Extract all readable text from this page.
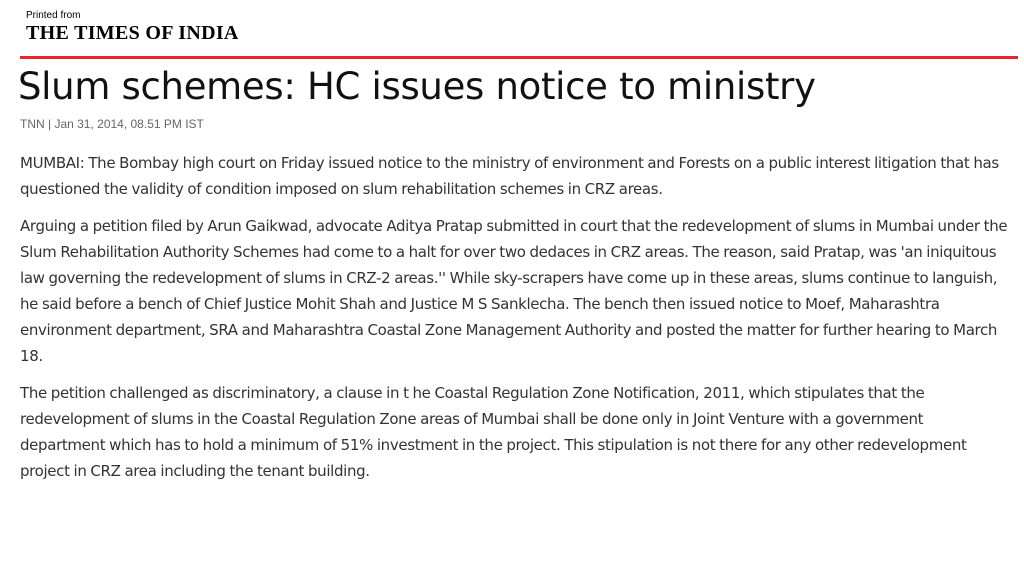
Printed from
THE TIMES OF INDIA
Slum schemes: HC issues notice to ministry
TNN | Jan 31, 2014, 08.51 PM IST

MUMBAI: The Bombay high court on Friday issued notice to the ministry of environment and Forests on a public interest litigation that has questioned the validity of condition imposed on slum rehabilitation schemes in CRZ areas.

Arguing a petition filed by Arun Gaikwad, advocate Aditya Pratap submitted in court that the redevelopment of slums in Mumbai under the Slum Rehabilitation Authority Schemes had come to a halt for over two dedaces in CRZ areas. The reason, said Pratap, was 'an iniquitous law governing the redevelopment of slums in CRZ-2 areas.'' While sky-scrapers have come up in these areas, slums continue to languish, he said before a bench of Chief Justice Mohit Shah and Justice M S Sanklecha. The bench then issued notice to Moef, Maharashtra environment department, SRA and Maharashtra Coastal Zone Management Authority and posted the matter for further hearing to March 18.

The petition challenged as discriminatory, a clause in t he Coastal Regulation Zone Notification, 2011, which stipulates that the redevelopment of slums in the Coastal Regulation Zone areas of Mumbai shall be done only in Joint Venture with a government department which has to hold a minimum of 51% investment in the project. This stipulation is not there for any other redevelopment project in CRZ area including the tenant building.
